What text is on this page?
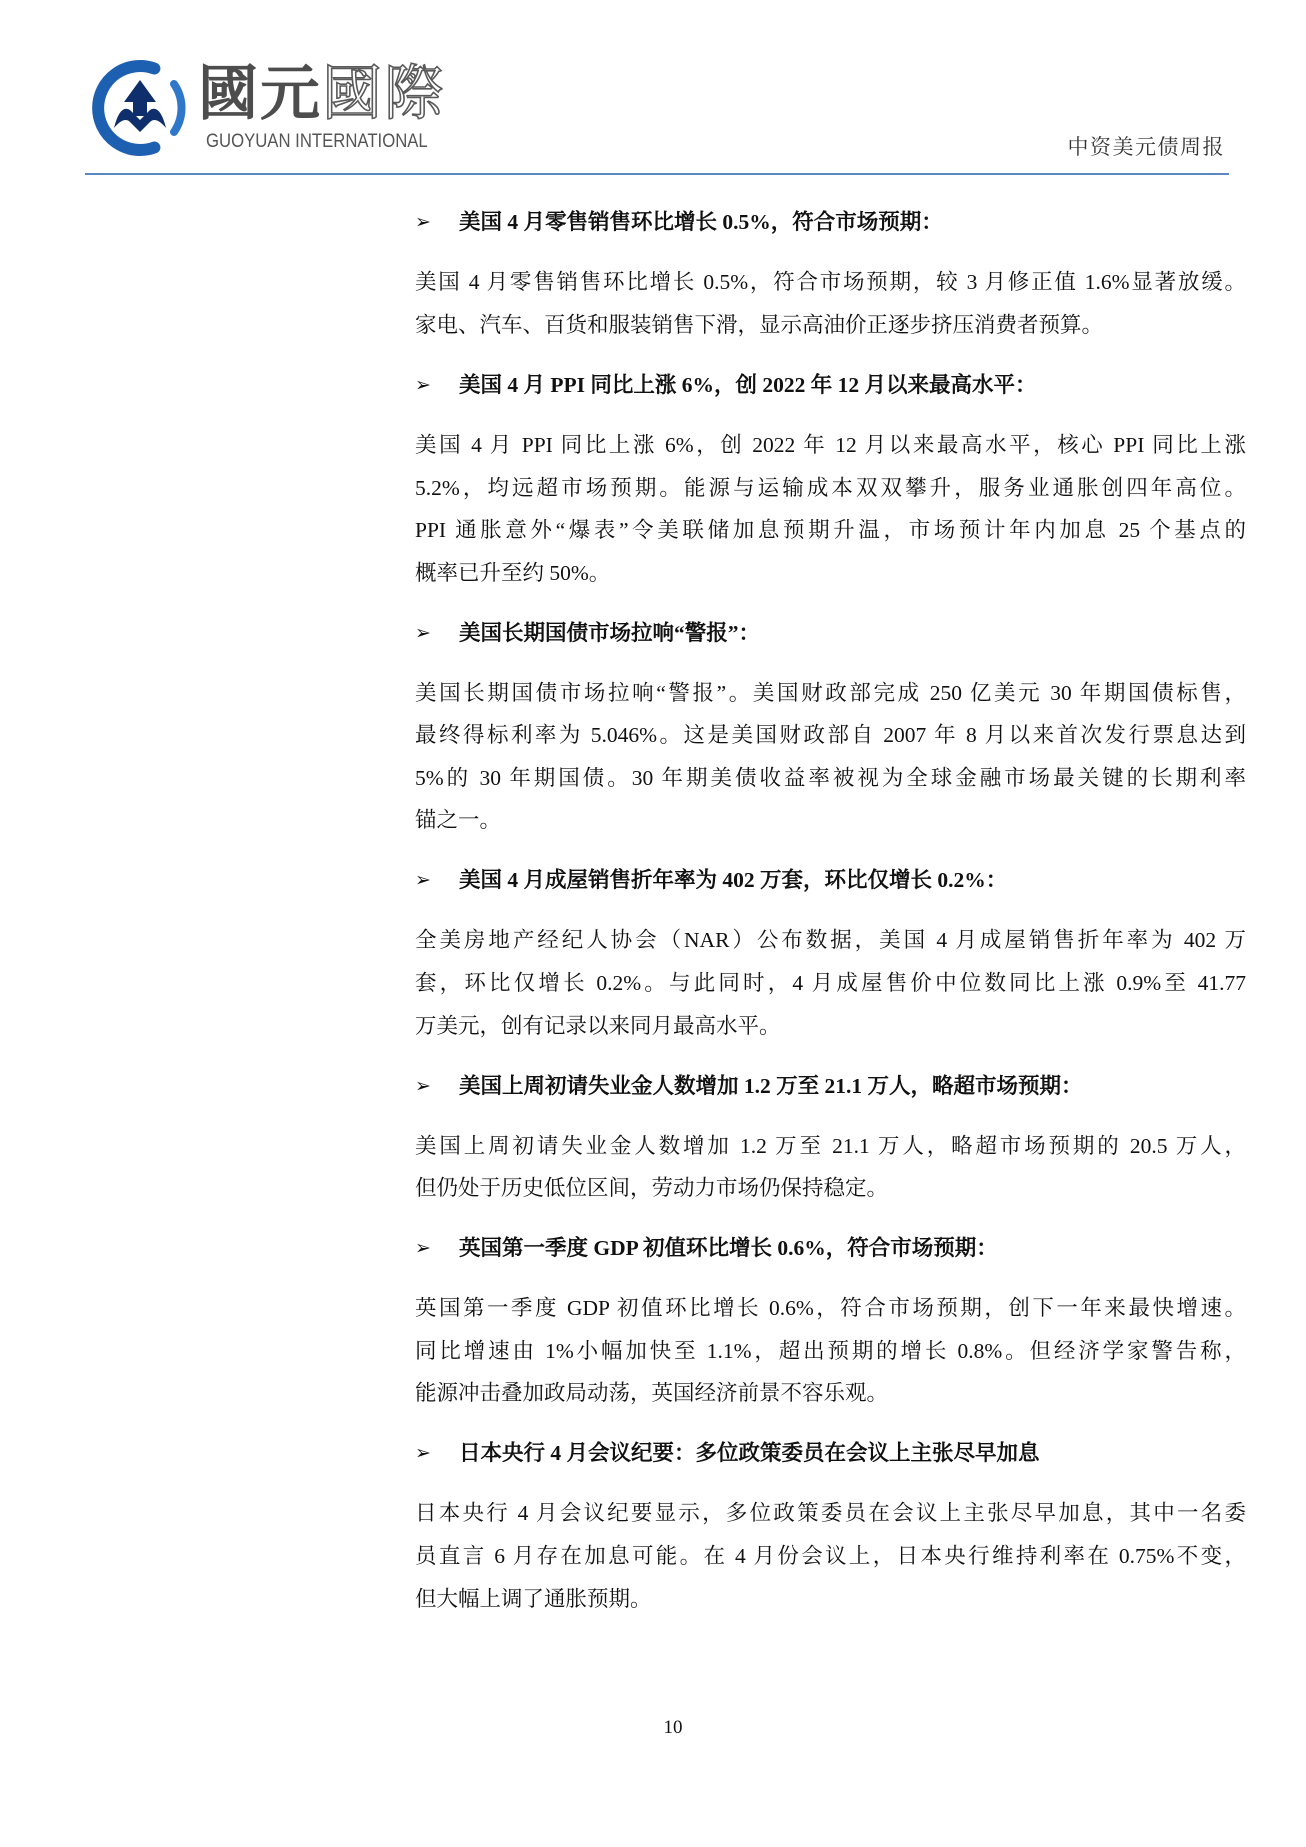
國元國際
GUOYUAN INTERNATIONAL	中资美元债周报
➢	美国 4 月零售销售环比增长 0.5%，符合市场预期：
美国 4 月零售销售环比增长 0.5%，符合市场预期，较 3 月修正值 1.6%显著放缓。
家电、汽车、百货和服装销售下滑，显示高油价正逐步挤压消费者预算。
➢	美国 4 月 PPI 同比上涨 6%，创 2022 年 12 月以来最高水平：
美国 4 月 PPI 同比上涨 6%，创 2022 年 12 月以来最高水平，核心 PPI 同比上涨
5.2%，均远超市场预期。能源与运输成本双双攀升，服务业通胀创四年高位。
PPI 通胀意外“爆表”令美联储加息预期升温，市场预计年内加息 25 个基点的
概率已升至约 50%。
➢	美国长期国债市场拉响“警报”：
美国长期国债市场拉响“警报”。美国财政部完成 250 亿美元 30 年期国债标售，
最终得标利率为 5.046%。这是美国财政部自 2007 年 8 月以来首次发行票息达到
5%的 30 年期国债。30 年期美债收益率被视为全球金融市场最关键的长期利率
锚之一。
➢	美国 4 月成屋销售折年率为 402 万套，环比仅增长 0.2%：
全美房地产经纪人协会（NAR）公布数据，美国 4 月成屋销售折年率为 402 万
套，环比仅增长 0.2%。与此同时，4 月成屋售价中位数同比上涨 0.9%至 41.77
万美元，创有记录以来同月最高水平。
➢	美国上周初请失业金人数增加 1.2 万至 21.1 万人，略超市场预期：
美国上周初请失业金人数增加 1.2 万至 21.1 万人，略超市场预期的 20.5 万人，
但仍处于历史低位区间，劳动力市场仍保持稳定。
➢	英国第一季度 GDP 初值环比增长 0.6%，符合市场预期：
英国第一季度 GDP 初值环比增长 0.6%，符合市场预期，创下一年来最快增速。
同比增速由 1%小幅加快至 1.1%，超出预期的增长 0.8%。但经济学家警告称，
能源冲击叠加政局动荡，英国经济前景不容乐观。
➢	日本央行 4 月会议纪要：多位政策委员在会议上主张尽早加息
日本央行 4 月会议纪要显示，多位政策委员在会议上主张尽早加息，其中一名委
员直言 6 月存在加息可能。在 4 月份会议上，日本央行维持利率在 0.75%不变，
但大幅上调了通胀预期。
10
